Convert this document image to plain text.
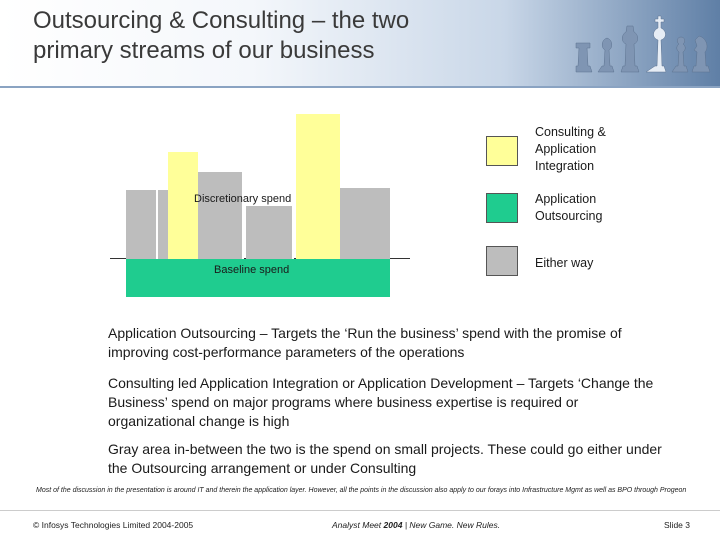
Outsourcing & Consulting – the two
primary streams of our business
Discretionary spend
Baseline spend
Consulting &
Application
Integration
Application
Outsourcing
Either way
Application Outsourcing – Targets the ‘Run the business’ spend with the promise of improving cost-performance parameters of the operations
Consulting led Application Integration or Application Development – Targets ‘Change the Business’ spend on major programs where business expertise is required or organizational change is high
Gray area in-between the two is the spend on small projects. These could go either under the Outsourcing arrangement or under Consulting
Most of the discussion in the presentation is around IT and therein the application layer. However, all the points in the discussion also apply to our forays into Infrastructure Mgmt as well as BPO through Progeon
© Infosys Technologies Limited 2004-2005	Analyst Meet 2004 | New Game. New Rules.	Slide 3
